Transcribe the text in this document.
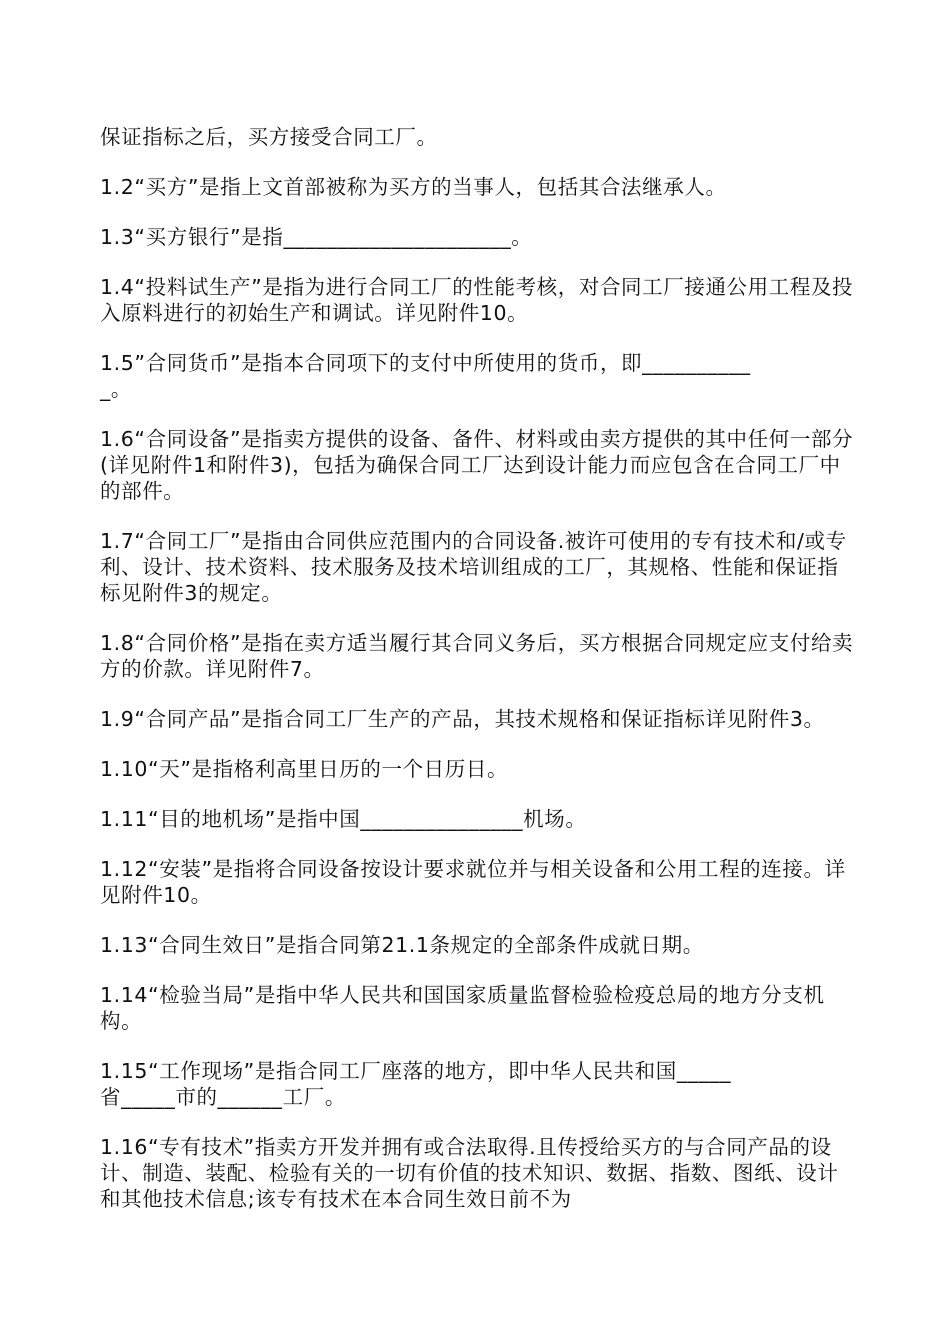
保证指标之后，买方接受合同工厂。

1.2“买方”是指上文首部被称为买方的当事人，包括其合法继承人。

1.3“买方银行”是指_____________________。

1.4“投料试生产”是指为进行合同工厂的性能考核，对合同工厂接通公用工程及投入原料进行的初始生产和调试。详见附件10。

1.5”合同货币”是指本合同项下的支付中所使用的货币，即__________
_。

1.6“合同设备”是指卖方提供的设备、备件、材料或由卖方提供的其中任何一部分(详见附件1和附件3)，包括为确保合同工厂达到设计能力而应包含在合同工厂中的部件。

1.7“合同工厂”是指由合同供应范围内的合同设备.被许可使用的专有技术和/或专利、设计、技术资料、技术服务及技术培训组成的工厂，其规格、性能和保证指标见附件3的规定。

1.8“合同价格”是指在卖方适当履行其合同义务后，买方根据合同规定应支付给卖方的价款。详见附件7。

1.9“合同产品”是指合同工厂生产的产品，其技术规格和保证指标详见附件3。

1.10“天”是指格利高里日历的一个日历日。

1.11“目的地机场”是指中国_______________机场。

1.12“安装”是指将合同设备按设计要求就位并与相关设备和公用工程的连接。详见附件10。

1.13“合同生效日”是指合同第21.1条规定的全部条件成就日期。

1.14“检验当局”是指中华人民共和国国家质量监督检验检疫总局的地方分支机构。

1.15“工作现场”是指合同工厂座落的地方，即中华人民共和国_____
省_____市的______工厂。

1.16“专有技术”指卖方开发并拥有或合法取得.且传授给买方的与合同产品的设计、制造、装配、检验有关的一切有价值的技术知识、数据、指数、图纸、设计和其他技术信息;该专有技术在本合同生效日前不为
